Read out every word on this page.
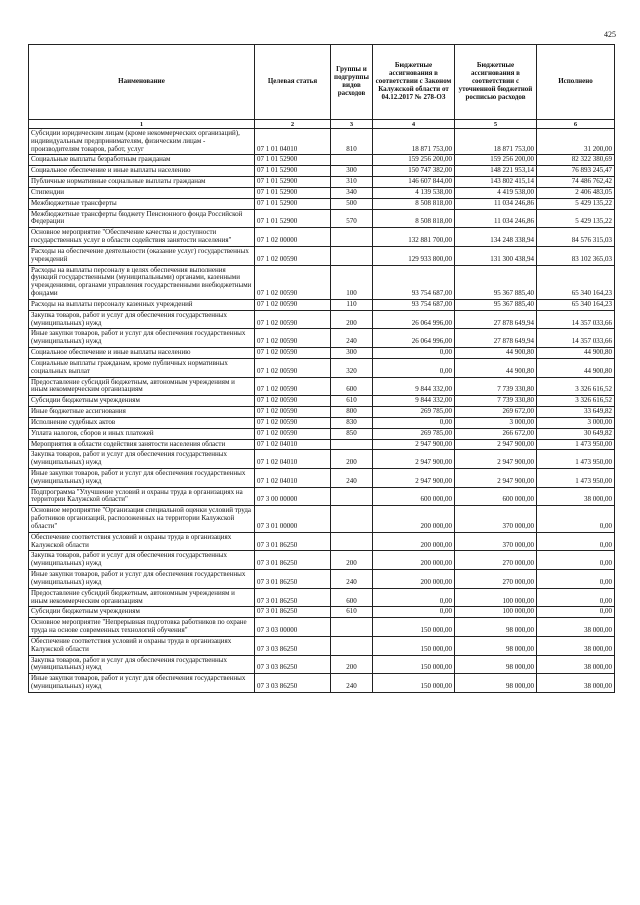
425
Наименование	Целевая статья	Группы и подгруппы видов расходов	Бюджетные ассигнования в соответствии с Законом Калужской области от 04.12.2017 № 278-ОЗ	Бюджетные ассигнования в соответствии с уточненной бюджетной росписью расходов	Исполнено
1	2	3	4	5	6
Субсидии юридическим лицам (кроме некоммерческих организаций), индивидуальным предпринимателям, физическим лицам - производителям товаров, работ, услуг	07 1 01 04010	810	18 871 753,00	18 871 753,00	31 200,00
Социальные выплаты безработным гражданам	07 1 01 52900		159 256 200,00	159 256 200,00	82 322 380,69
Социальное обеспечение и иные выплаты населению	07 1 01 52900	300	150 747 382,00	148 221 953,14	76 893 245,47
Публичные нормативные социальные выплаты гражданам	07 1 01 52900	310	146 607 844,00	143 802 415,14	74 486 762,42
Стипендии	07 1 01 52900	340	4 139 538,00	4 419 538,00	2 406 483,05
Межбюджетные трансферты	07 1 01 52900	500	8 508 818,00	11 034 246,86	5 429 135,22
Межбюджетные трансферты бюджету Пенсионного фонда Российской Федерации	07 1 01 52900	570	8 508 818,00	11 034 246,86	5 429 135,22
Основное мероприятие "Обеспечение качества и доступности государственных услуг в области содействия занятости населения"	07 1 02 00000		132 881 700,00	134 248 338,94	84 576 315,03
Расходы на обеспечение деятельности (оказание услуг) государственных учреждений	07 1 02 00590		129 933 800,00	131 300 438,94	83 102 365,03
Расходы на выплаты персоналу в целях обеспечения выполнения функций государственными (муниципальными) органами, казенными учреждениями, органами управления государственными внебюджетными фондами	07 1 02 00590	100	93 754 687,00	95 367 885,40	65 340 164,23
Расходы на выплаты персоналу казенных учреждений	07 1 02 00590	110	93 754 687,00	95 367 885,40	65 340 164,23
Закупка товаров, работ и услуг для обеспечения государственных (муниципальных) нужд	07 1 02 00590	200	26 064 996,00	27 878 649,94	14 357 033,66
Иные закупки товаров, работ и услуг для обеспечения государственных (муниципальных) нужд	07 1 02 00590	240	26 064 996,00	27 878 649,94	14 357 033,66
Социальное обеспечение и иные выплаты населению	07 1 02 00590	300	0,00	44 900,80	44 900,80
Социальные выплаты гражданам, кроме публичных нормативных социальных выплат	07 1 02 00590	320	0,00	44 900,80	44 900,80
Предоставление субсидий бюджетным, автономным учреждениям и иным некоммерческим организациям	07 1 02 00590	600	9 844 332,00	7 739 330,80	3 326 616,52
Субсидии бюджетным учреждениям	07 1 02 00590	610	9 844 332,00	7 739 330,80	3 326 616,52
Иные бюджетные ассигнования	07 1 02 00590	800	269 785,00	269 672,00	33 649,82
Исполнение судебных актов	07 1 02 00590	830	0,00	3 000,00	3 000,00
Уплата налогов, сборов и иных платежей	07 1 02 00590	850	269 785,00	266 672,00	30 649,82
Мероприятия в области содействия занятости населения области	07 1 02 04010		2 947 900,00	2 947 900,00	1 473 950,00
Закупка товаров, работ и услуг для обеспечения государственных (муниципальных) нужд	07 1 02 04010	200	2 947 900,00	2 947 900,00	1 473 950,00
Иные закупки товаров, работ и услуг для обеспечения государственных (муниципальных) нужд	07 1 02 04010	240	2 947 900,00	2 947 900,00	1 473 950,00
Подпрограмма "Улучшение условий и охраны труда в организациях на территории Калужской области"	07 3 00 00000		600 000,00	600 000,00	38 000,00
Основное мероприятие "Организация специальной оценки условий труда работников организаций, расположенных на территории Калужской области"	07 3 01 00000		200 000,00	370 000,00	0,00
Обеспечение соответствия условий и охраны труда в организациях Калужской области	07 3 01 86250		200 000,00	370 000,00	0,00
Закупка товаров, работ и услуг для обеспечения государственных (муниципальных) нужд	07 3 01 86250	200	200 000,00	270 000,00	0,00
Иные закупки товаров, работ и услуг для обеспечения государственных (муниципальных) нужд	07 3 01 86250	240	200 000,00	270 000,00	0,00
Предоставление субсидий бюджетным, автономным учреждениям и иным некоммерческим организациям	07 3 01 86250	600	0,00	100 000,00	0,00
Субсидии бюджетным учреждениям	07 3 01 86250	610	0,00	100 000,00	0,00
Основное мероприятие "Непрерывная подготовка работников по охране труда на основе современных технологий обучения"	07 3 03 00000		150 000,00	98 000,00	38 000,00
Обеспечение соответствия условий и охраны труда в организациях Калужской области	07 3 03 86250		150 000,00	98 000,00	38 000,00
Закупка товаров, работ и услуг для обеспечения государственных (муниципальных) нужд	07 3 03 86250	200	150 000,00	98 000,00	38 000,00
Иные закупки товаров, работ и услуг для обеспечения государственных (муниципальных) нужд	07 3 03 86250	240	150 000,00	98 000,00	38 000,00
